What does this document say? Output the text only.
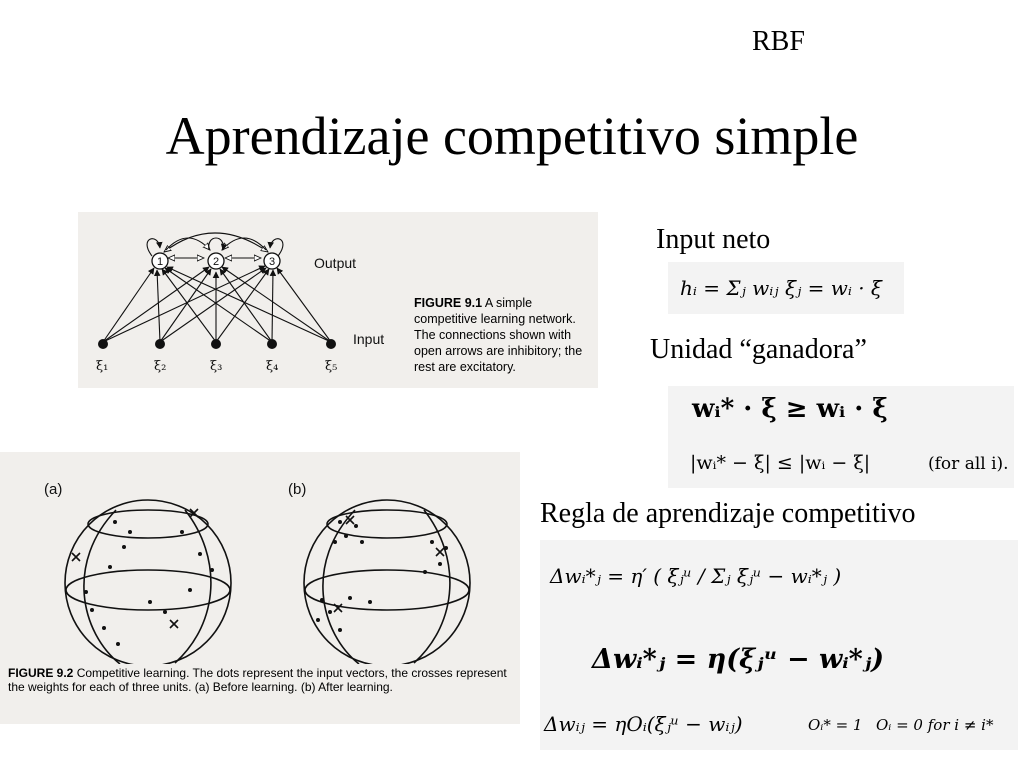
RBF
Aprendizaje competitivo simple
1	2	3
ξ₁	ξ₂	ξ₃	ξ₄	ξ₅
Output
Input
FIGURE 9.1 A simple competitive learning network. The connections shown with open arrows are inhibitory; the rest are excitatory.
(a)	(b)
FIGURE 9.2 Competitive learning. The dots represent the input vectors, the crosses represent the weights for each of three units. (a) Before learning. (b) After learning.
Input neto
Unidad “ganadora”
Regla de aprendizaje competitivo
hᵢ = Σⱼ wᵢⱼ ξⱼ = wᵢ · ξ
wᵢ* · ξ ≥ wᵢ · ξ
|wᵢ* − ξ| ≤ |wᵢ − ξ|	(for all i).

Δwᵢ*ⱼ = η′ ( ξⱼᵘ / Σⱼ ξⱼᵘ − wᵢ*ⱼ )
Δwᵢ*ⱼ = η(ξⱼᵘ − wᵢ*ⱼ)
Δwᵢⱼ = ηOᵢ(ξⱼᵘ − wᵢⱼ)	Oᵢ* = 1 Oᵢ = 0 for i ≠ i*
